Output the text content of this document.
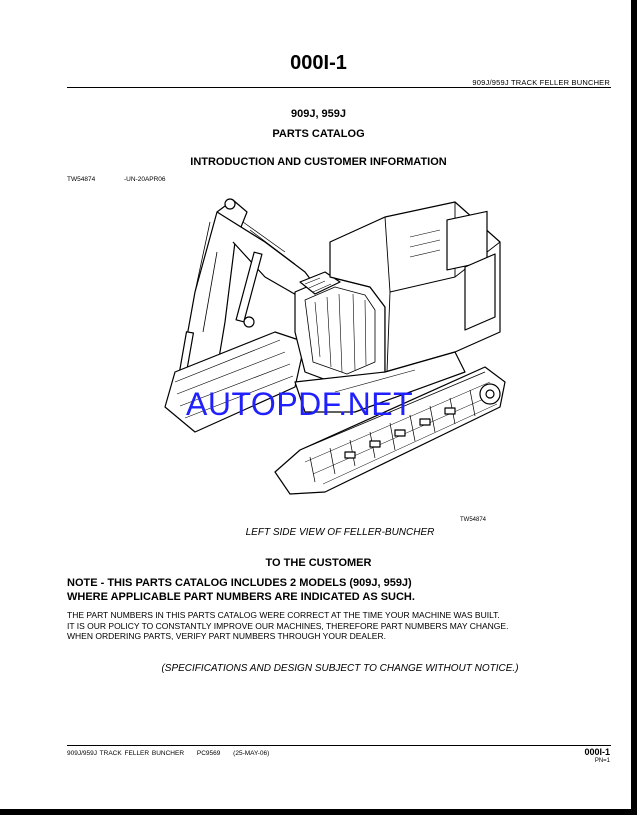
000I-1
909J/959J TRACK FELLER BUNCHER
909J, 959J
PARTS CATALOG
INTRODUCTION AND CUSTOMER INFORMATION
TW54874	-UN-20APR06
AUTOPDF.NET
TW54874
LEFT SIDE VIEW OF FELLER-BUNCHER
TO THE CUSTOMER
NOTE - THIS PARTS CATALOG INCLUDES 2 MODELS (909J, 959J)
WHERE APPLICABLE PART NUMBERS ARE INDICATED AS SUCH.
THE PART NUMBERS IN THIS PARTS CATALOG WERE CORRECT AT THE TIME YOUR MACHINE WAS BUILT.
IT IS OUR POLICY TO CONSTANTLY IMPROVE OUR MACHINES, THEREFORE PART NUMBERS MAY CHANGE.
WHEN ORDERING PARTS, VERIFY PART NUMBERS THROUGH YOUR DEALER.
(SPECIFICATIONS AND DESIGN SUBJECT TO CHANGE WITHOUT NOTICE.)
909J/959J TRACK FELLER BUNCHER PC9569 (25-MAY-06)	000I-1
PN=1
